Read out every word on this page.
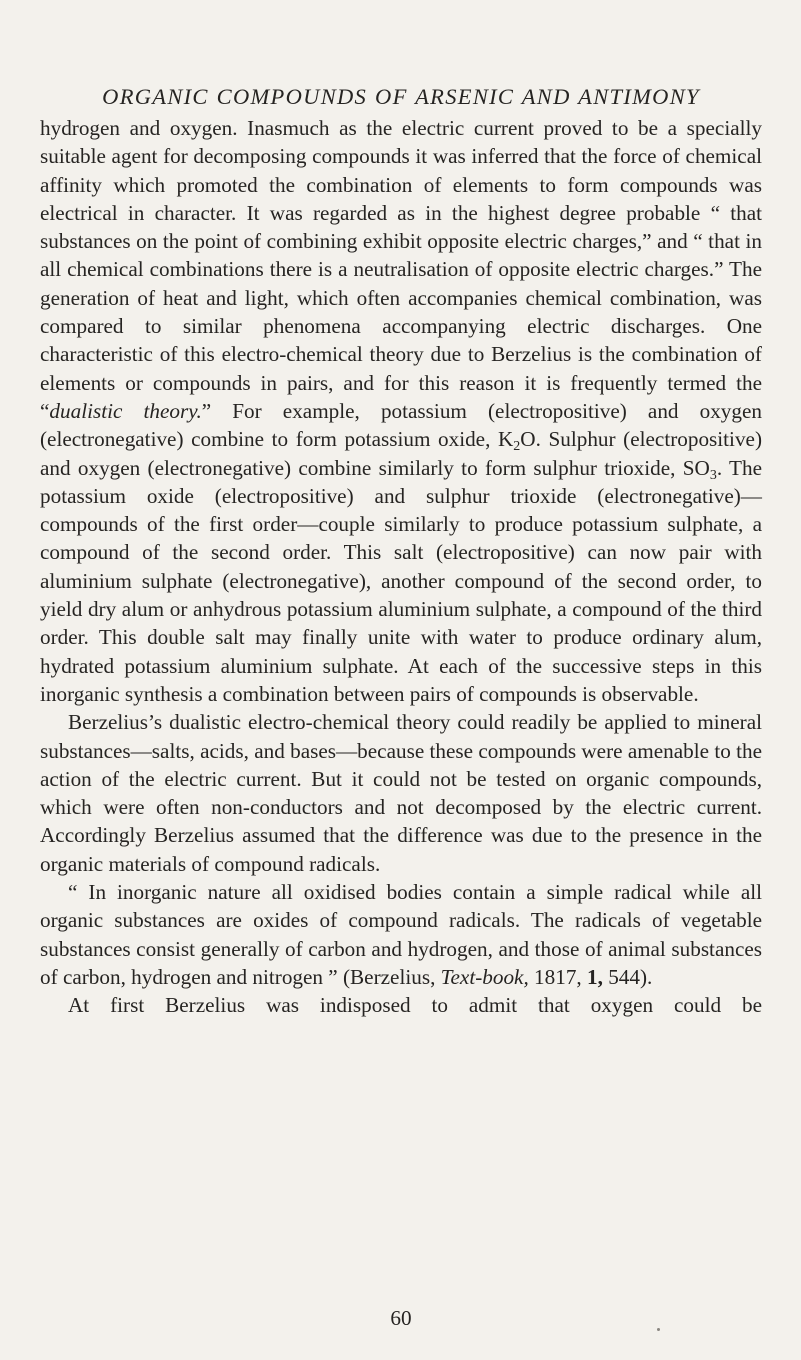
ORGANIC COMPOUNDS OF ARSENIC AND ANTIMONY

hydrogen and oxygen. Inasmuch as the electric current proved to be a specially suitable agent for decomposing compounds it was inferred that the force of chemical affinity which promoted the combination of elements to form compounds was electrical in character. It was regarded as in the highest degree probable “ that substances on the point of combining exhibit opposite electric charges,” and “ that in all chemical combinations there is a neutralisation of opposite electric charges.” The generation of heat and light, which often accompanies chemical combination, was compared to similar phenomena accompanying electric discharges. One characteristic of this electro-chemical theory due to Berzelius is the combination of elements or compounds in pairs, and for this reason it is frequently termed the “dualistic theory.” For example, potassium (electropositive) and oxygen (electronegative) combine to form potassium oxide, $K_2O$. Sulphur (electropositive) and oxygen (electronegative) combine similarly to form sulphur trioxide, $SO_3$. The potassium oxide (electropositive) and sulphur trioxide (electronegative)—compounds of the first order—couple similarly to produce potassium sulphate, a compound of the second order. This salt (electropositive) can now pair with aluminium sulphate (electronegative), another compound of the second order, to yield dry alum or anhydrous potassium aluminium sulphate, a compound of the third order. This double salt may finally unite with water to produce ordinary alum, hydrated potassium aluminium sulphate. At each of the successive steps in this inorganic synthesis a combination between pairs of compounds is observable.

Berzelius’s dualistic electro-chemical theory could readily be applied to mineral substances—salts, acids, and bases—because these compounds were amenable to the action of the electric current. But it could not be tested on organic compounds, which were often non-conductors and not decomposed by the electric current. Accordingly Berzelius assumed that the difference was due to the presence in the organic materials of compound radicals.

“ In inorganic nature all oxidised bodies contain a simple radical while all organic substances are oxides of compound radicals. The radicals of vegetable substances consist generally of carbon and hydrogen, and those of animal substances of carbon, hydrogen and nitrogen ” (Berzelius, Text-book, 1817, 1, 544).

At first Berzelius was indisposed to admit that oxygen could be

60
